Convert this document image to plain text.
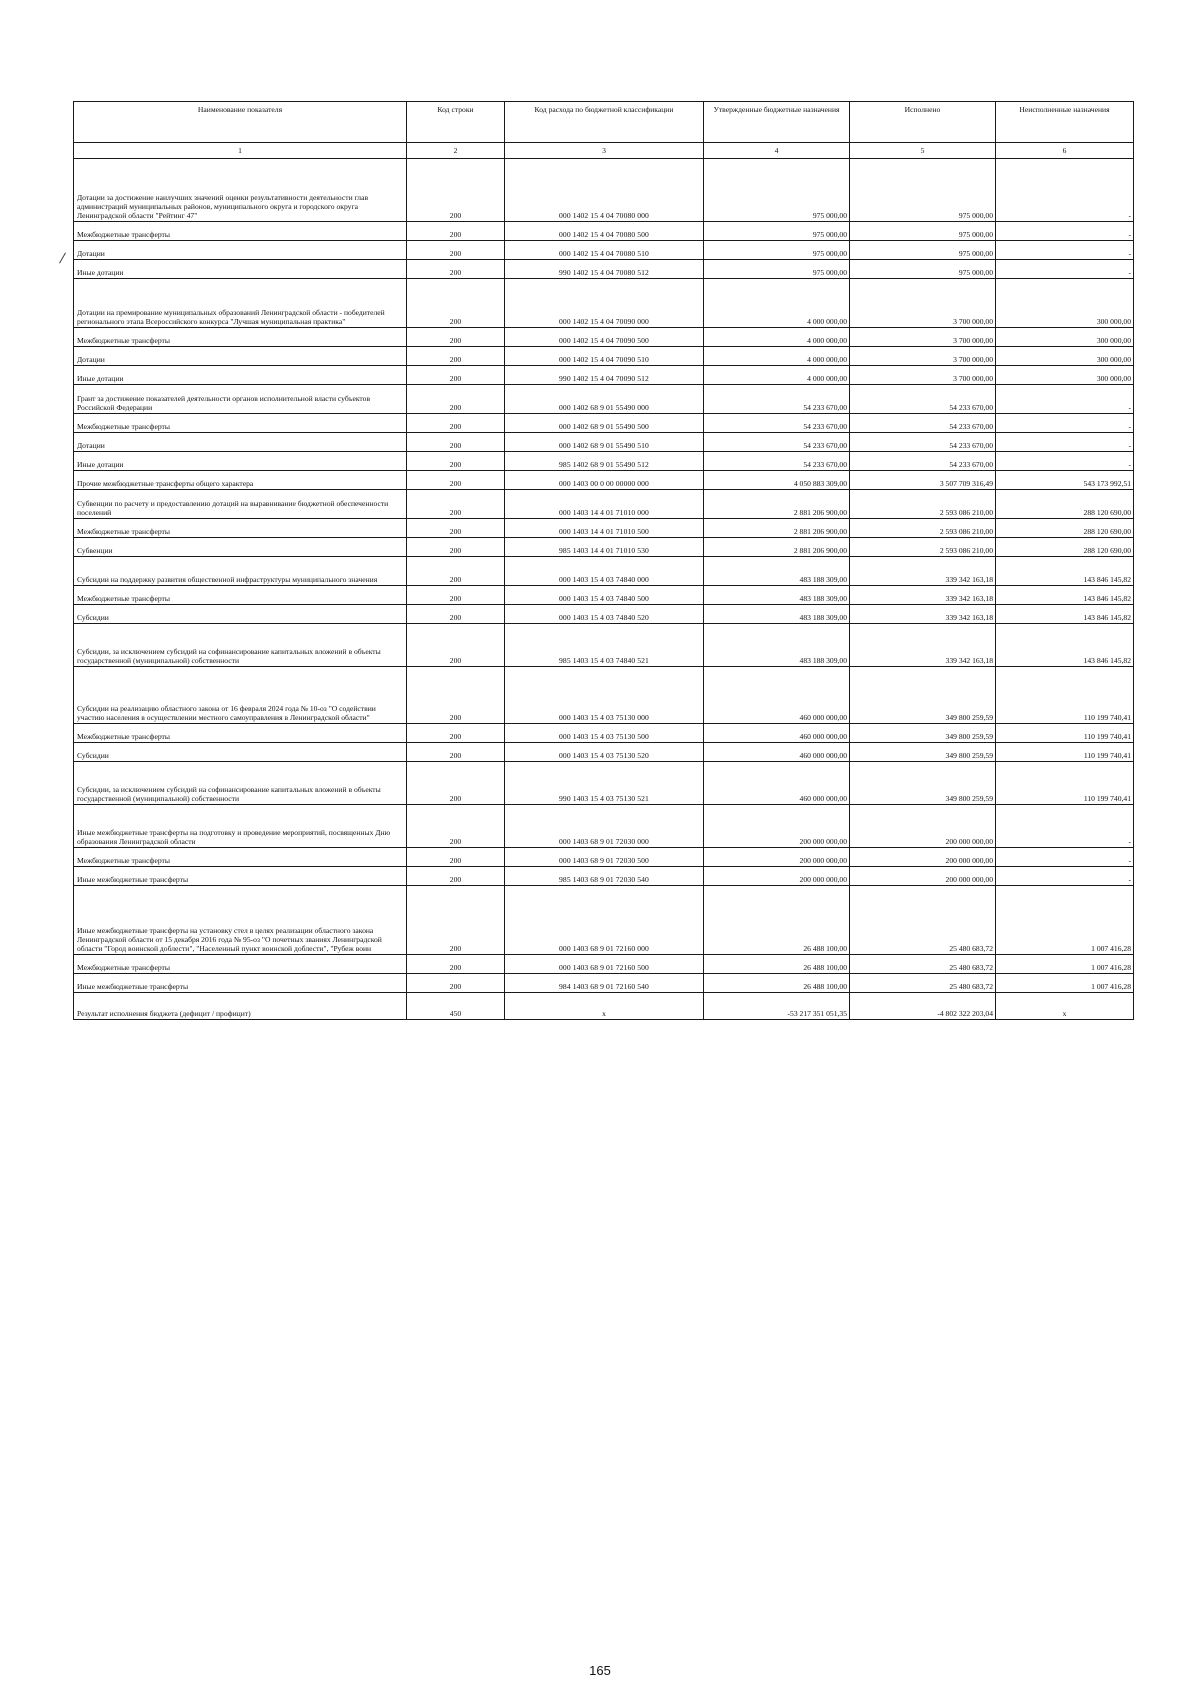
Наименование показателя	Код строки	Код расхода по бюджетной классификации	Утвержденные бюджетные назначения	Исполнено	Неисполненные назначения
1	2	3	4	5	6
Дотации за достижение наилучших значений оценки результативности деятельности глав администраций муниципальных районов, муниципального округа и городского округа Ленинградской области "Рейтинг 47"	200	000 1402 15 4 04 70080 000	975 000,00	975 000,00	-
Межбюджетные трансферты	200	000 1402 15 4 04 70080 500	975 000,00	975 000,00	-
Дотации	200	000 1402 15 4 04 70080 510	975 000,00	975 000,00	-
Иные дотации	200	990 1402 15 4 04 70080 512	975 000,00	975 000,00	-
Дотации на премирование муниципальных образований Ленинградской области - победителей регионального этапа Всероссийского конкурса "Лучшая муниципальная практика"	200	000 1402 15 4 04 70090 000	4 000 000,00	3 700 000,00	300 000,00
Межбюджетные трансферты	200	000 1402 15 4 04 70090 500	4 000 000,00	3 700 000,00	300 000,00
Дотации	200	000 1402 15 4 04 70090 510	4 000 000,00	3 700 000,00	300 000,00
Иные дотации	200	990 1402 15 4 04 70090 512	4 000 000,00	3 700 000,00	300 000,00
Грант за достижение показателей деятельности органов исполнительной власти субъектов Российской Федерации	200	000 1402 68 9 01 55490 000	54 233 670,00	54 233 670,00	-
Межбюджетные трансферты	200	000 1402 68 9 01 55490 500	54 233 670,00	54 233 670,00	-
Дотации	200	000 1402 68 9 01 55490 510	54 233 670,00	54 233 670,00	-
Иные дотации	200	985 1402 68 9 01 55490 512	54 233 670,00	54 233 670,00	-
Прочие межбюджетные трансферты общего характера	200	000 1403 00 0 00 00000 000	4 050 883 309,00	3 507 709 316,49	543 173 992,51
Субвенции по расчету и предоставлению дотаций на выравнивание бюджетной обеспеченности поселений	200	000 1403 14 4 01 71010 000	2 881 206 900,00	2 593 086 210,00	288 120 690,00
Межбюджетные трансферты	200	000 1403 14 4 01 71010 500	2 881 206 900,00	2 593 086 210,00	288 120 690,00
Субвенции	200	985 1403 14 4 01 71010 530	2 881 206 900,00	2 593 086 210,00	288 120 690,00
Субсидии на поддержку развития общественной инфраструктуры муниципального значения	200	000 1403 15 4 03 74840 000	483 188 309,00	339 342 163,18	143 846 145,82
Межбюджетные трансферты	200	000 1403 15 4 03 74840 500	483 188 309,00	339 342 163,18	143 846 145,82
Субсидии	200	000 1403 15 4 03 74840 520	483 188 309,00	339 342 163,18	143 846 145,82
Субсидии, за исключением субсидий на софинансирование капитальных вложений в объекты государственной (муниципальной) собственности	200	985 1403 15 4 03 74840 521	483 188 309,00	339 342 163,18	143 846 145,82
Субсидии на реализацию областного закона от 16 февраля 2024 года № 10-оз "О содействии участию населения в осуществлении местного самоуправления в Ленинградской области"	200	000 1403 15 4 03 75130 000	460 000 000,00	349 800 259,59	110 199 740,41
Межбюджетные трансферты	200	000 1403 15 4 03 75130 500	460 000 000,00	349 800 259,59	110 199 740,41
Субсидии	200	000 1403 15 4 03 75130 520	460 000 000,00	349 800 259,59	110 199 740,41
Субсидии, за исключением субсидий на софинансирование капитальных вложений в объекты государственной (муниципальной) собственности	200	990 1403 15 4 03 75130 521	460 000 000,00	349 800 259,59	110 199 740,41
Иные межбюджетные трансферты на подготовку и проведение мероприятий, посвященных Дню образования Ленинградской области	200	000 1403 68 9 01 72030 000	200 000 000,00	200 000 000,00	-
Межбюджетные трансферты	200	000 1403 68 9 01 72030 500	200 000 000,00	200 000 000,00	-
Иные межбюджетные трансферты	200	985 1403 68 9 01 72030 540	200 000 000,00	200 000 000,00	-
Иные межбюджетные трансферты на установку стел в целях реализации областного закона Ленинградской области от 15 декабря 2016 года № 95-оз "О почетных званиях Ленинградской области "Город воинской доблести", "Населенный пункт воинской доблести", "Рубеж воин	200	000 1403 68 9 01 72160 000	26 488 100,00	25 480 683,72	1 007 416,28
Межбюджетные трансферты	200	000 1403 68 9 01 72160 500	26 488 100,00	25 480 683,72	1 007 416,28
Иные межбюджетные трансферты	200	984 1403 68 9 01 72160 540	26 488 100,00	25 480 683,72	1 007 416,28
Результат исполнения бюджета (дефицит / профицит)	450	x	-53 217 351 051,35	-4 802 322 203,04	x
165
